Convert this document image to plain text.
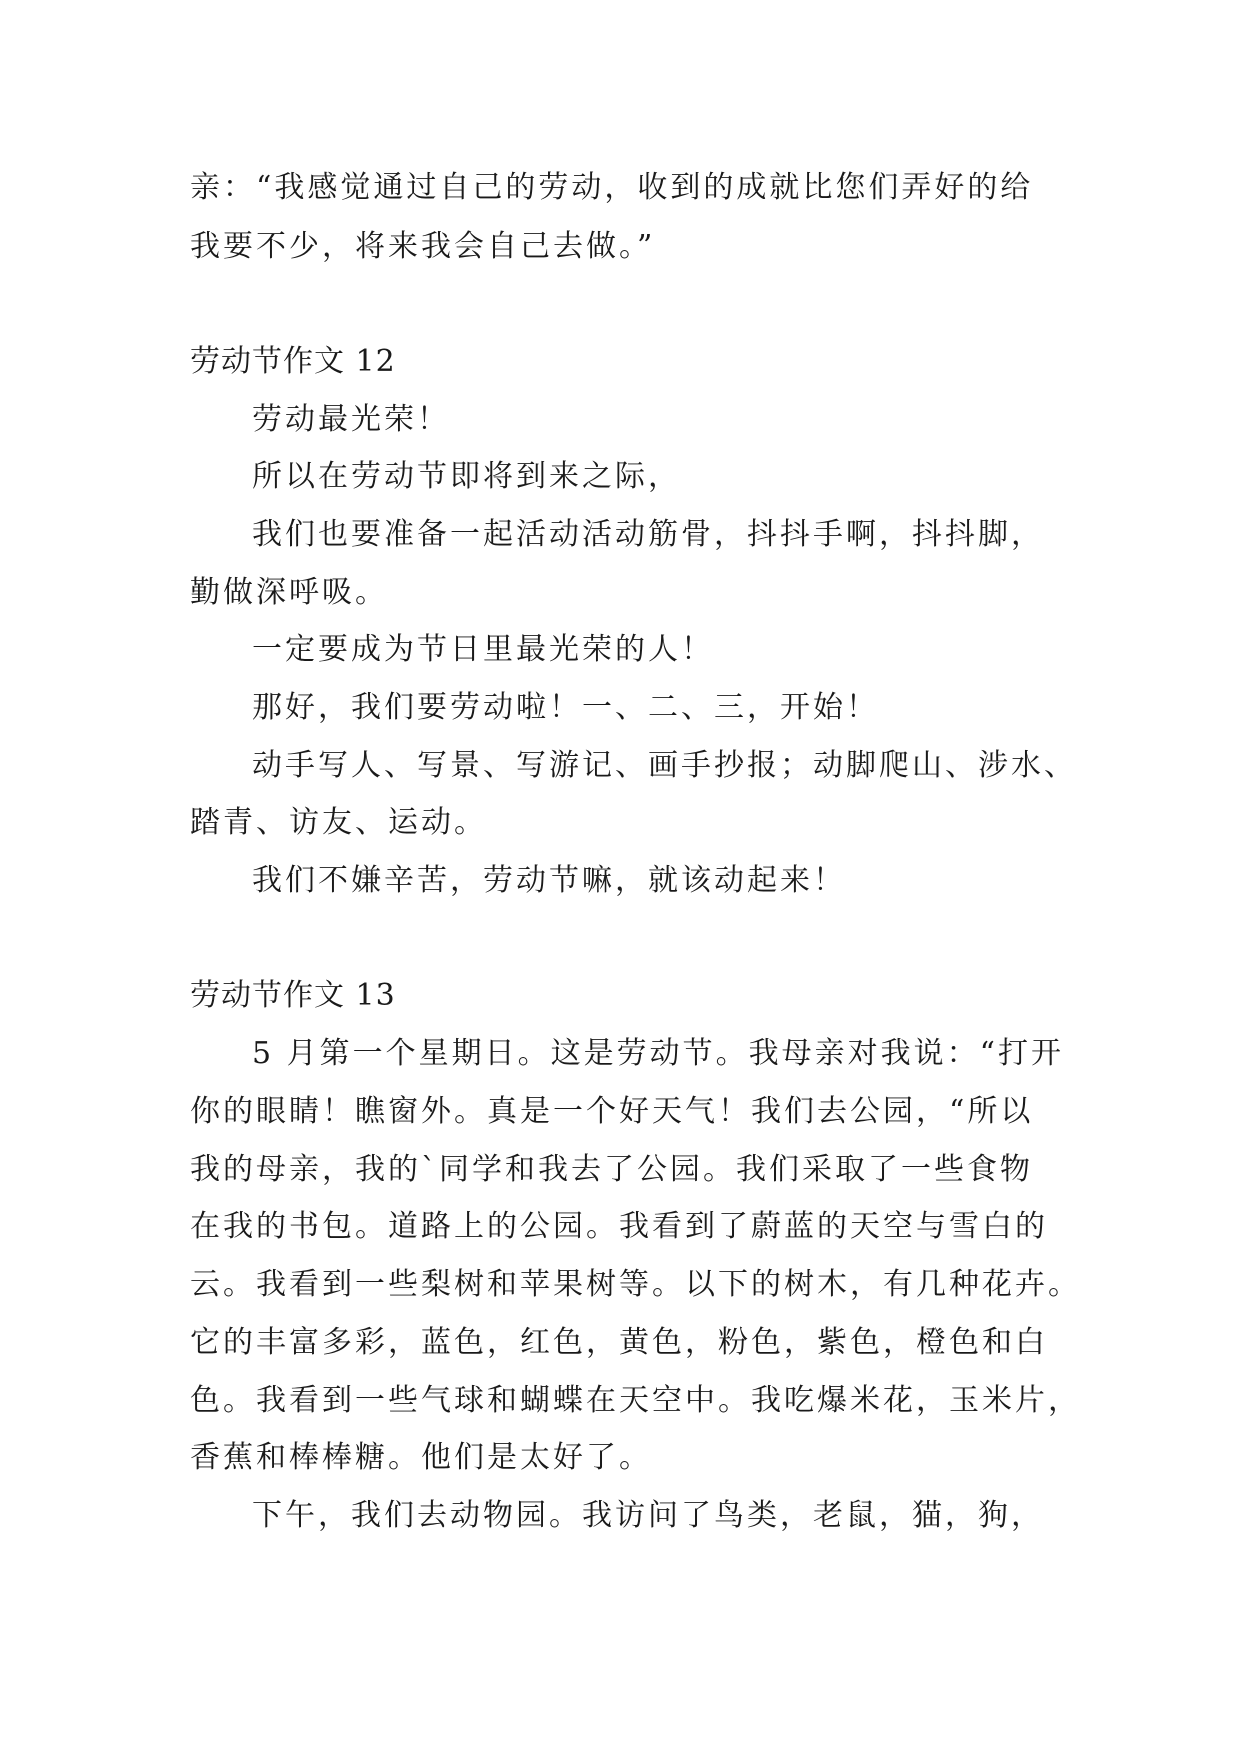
亲：“我感觉通过自己的劳动，收到的成就比您们弄好的给
我要不少，将来我会自己去做。”
劳动节作文 12
劳动最光荣！
所以在劳动节即将到来之际，
我们也要准备一起活动活动筋骨，抖抖手啊，抖抖脚，
勤做深呼吸。
一定要成为节日里最光荣的人！
那好，我们要劳动啦！一、二、三，开始！
动手写人、写景、写游记、画手抄报；动脚爬山、涉水、
踏青、访友、运动。
我们不嫌辛苦，劳动节嘛，就该动起来！
劳动节作文 13
5 月第一个星期日。这是劳动节。我母亲对我说：“打开
你的眼睛！瞧窗外。真是一个好天气！我们去公园，“所以
我的母亲，我的`同学和我去了公园。我们采取了一些食物
在我的书包。道路上的公园。我看到了蔚蓝的天空与雪白的
云。我看到一些梨树和苹果树等。以下的树木，有几种花卉。
它的丰富多彩，蓝色，红色，黄色，粉色，紫色，橙色和白
色。我看到一些气球和蝴蝶在天空中。我吃爆米花，玉米片，
香蕉和棒棒糖。他们是太好了。
下午，我们去动物园。我访问了鸟类，老鼠，猫，狗，
